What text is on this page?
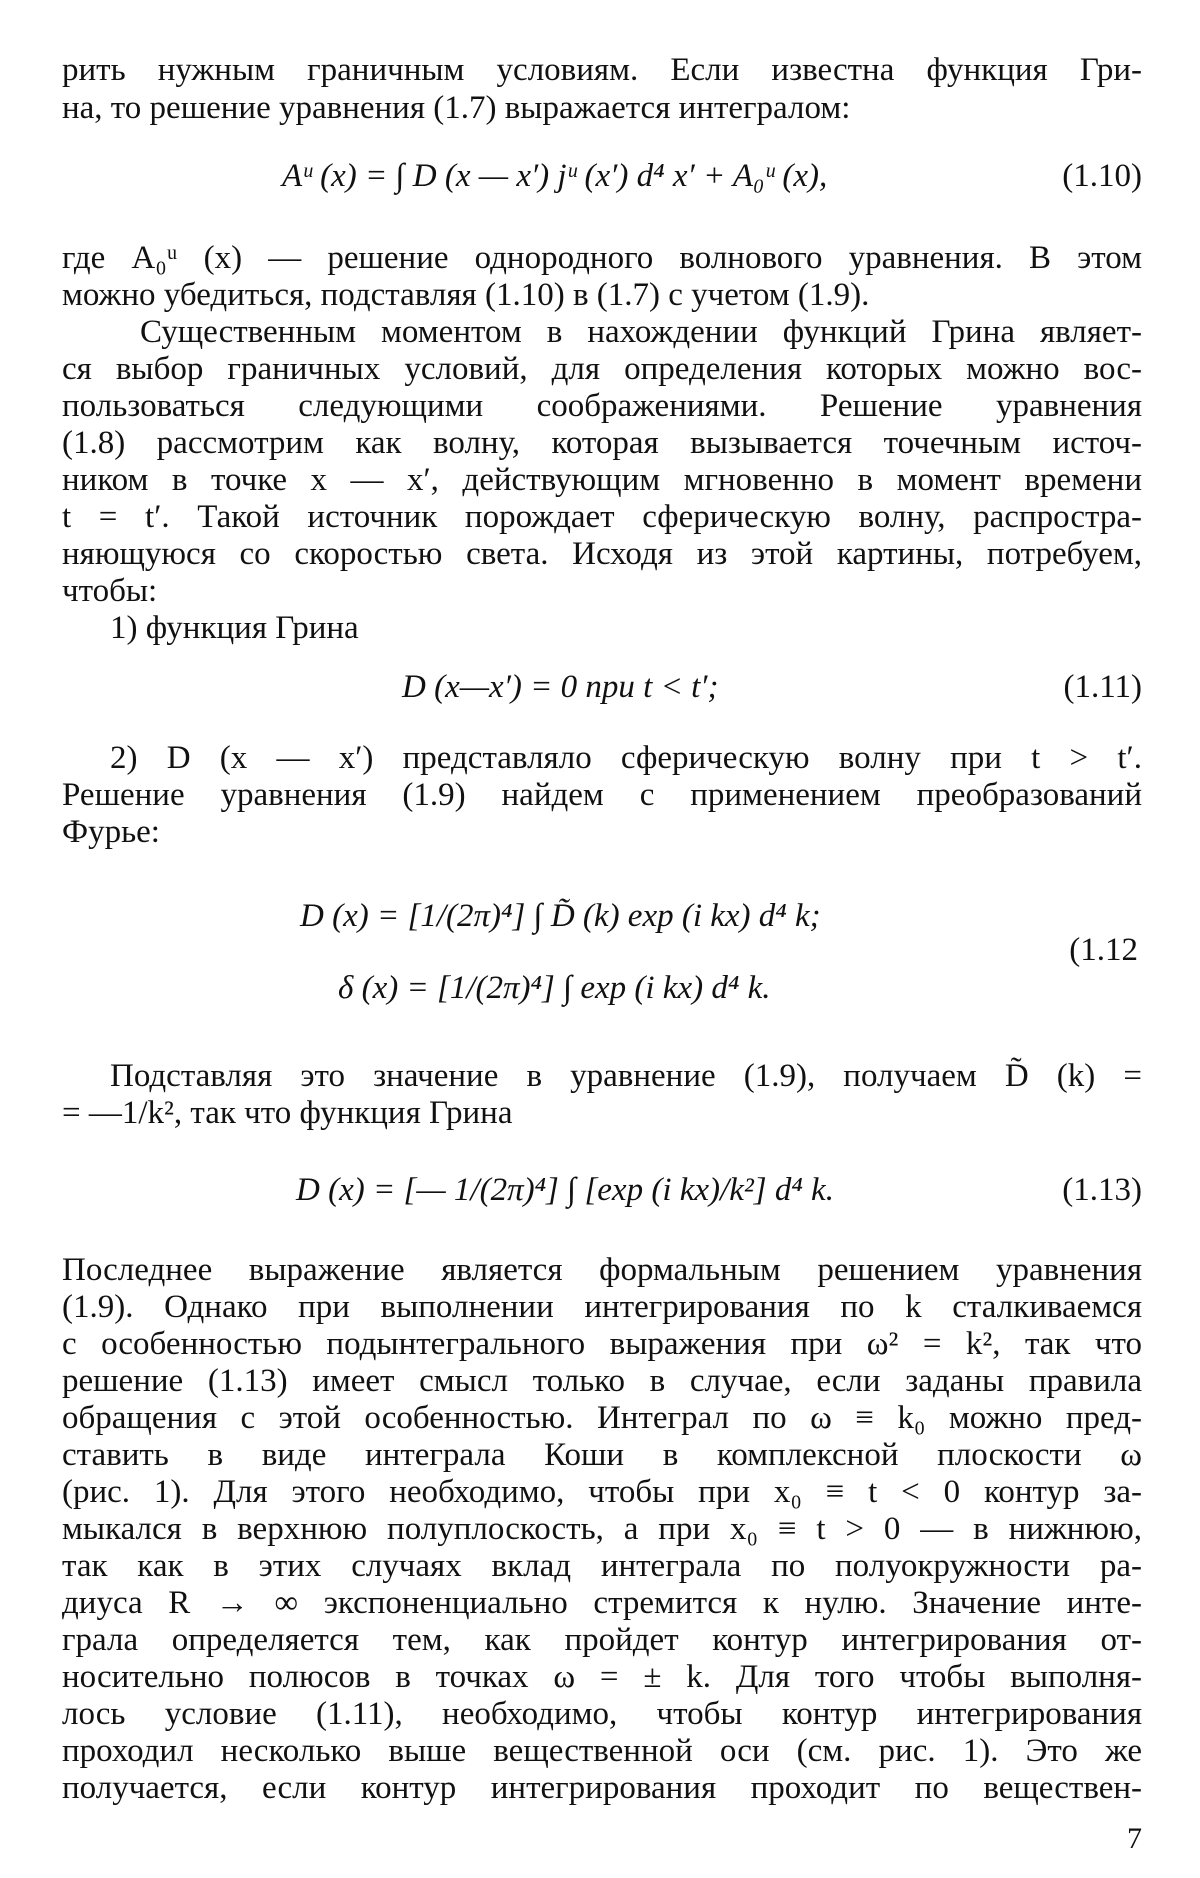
рить нужным граничным условиям. Если известна функция Гри-
на, то решение уравнения (1.7) выражается интегралом:
Aᵘ (x) = ∫ D (x — x′) jᵘ (x′) d⁴ x′ + A₀ᵘ (x),	(1.10)
где A₀ᵘ (x) — решение однородного волнового уравнения. В этом
можно убедиться, подставляя (1.10) в (1.7) с учетом (1.9).
Существенным моментом в нахождении функций Грина являет-
ся выбор граничных условий, для определения которых можно вос-
пользоваться следующими соображениями. Решение уравнения
(1.8) рассмотрим как волну, которая вызывается точечным источ-
ником в точке x — x′, действующим мгновенно в момент времени
t = t′. Такой источник порождает сферическую волну, распростра-
няющуюся со скоростью света. Исходя из этой картины, потребуем,
чтобы:
1) функция Грина
D (x—x′) = 0 при t < t′;	(1.11)
2) D (x — x′) представляло сферическую волну при t > t′.
Решение уравнения (1.9) найдем с применением преобразований
Фурье:
D (x) = [1/(2π)⁴] ∫ D̃ (k) exp (i kx) d⁴ k;
δ (x) = [1/(2π)⁴] ∫ exp (i kx) d⁴ k.
(1.12
Подставляя это значение в уравнение (1.9), получаем D̃ (k) =
= —1/k², так что функция Грина
D (x) = [— 1/(2π)⁴] ∫ [exp (i kx)/k²] d⁴ k.	(1.13)
Последнее выражение является формальным решением уравнения
(1.9). Однако при выполнении интегрирования по k сталкиваемся
с особенностью подынтегрального выражения при ω² = k², так что
решение (1.13) имеет смысл только в случае, если заданы правила
обращения с этой особенностью. Интеграл по ω ≡ k₀ можно пред-
ставить в виде интеграла Коши в комплексной плоскости ω
(рис. 1). Для этого необходимо, чтобы при x₀ ≡ t < 0 контур за-
мыкался в верхнюю полуплоскость, а при x₀ ≡ t > 0 — в нижнюю,
так как в этих случаях вклад интеграла по полуокружности ра-
диуса R → ∞ экспоненциально стремится к нулю. Значение инте-
грала определяется тем, как пройдет контур интегрирования от-
носительно полюсов в точках ω = ± k. Для того чтобы выполня-
лось условие (1.11), необходимо, чтобы контур интегрирования
проходил несколько выше вещественной оси (см. рис. 1). Это же
получается, если контур интегрирования проходит по веществен-
7
